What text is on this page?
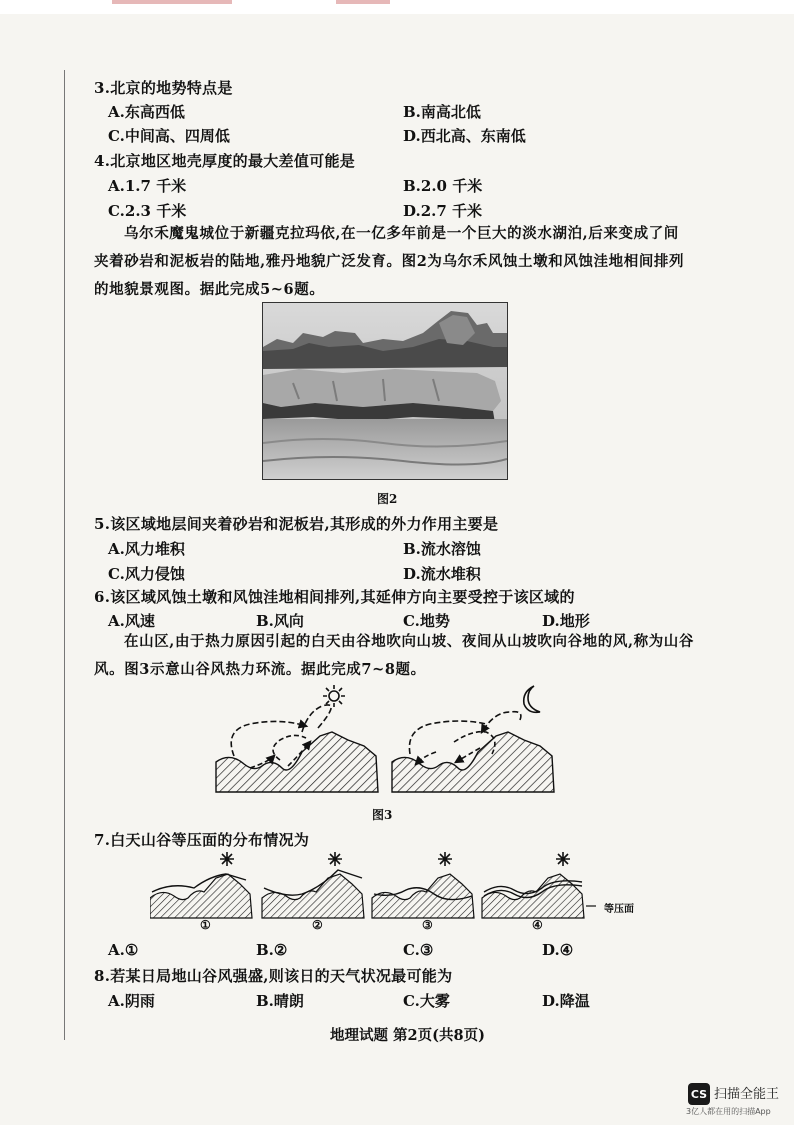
3.北京的地势特点是
A.东高西低	B.南高北低
C.中间高、四周低	D.西北高、东南低
4.北京地区地壳厚度的最大差值可能是
A.1.7 千米	B.2.0 千米
C.2.3 千米	D.2.7 千米

乌尔禾魔鬼城位于新疆克拉玛依,在一亿多年前是一个巨大的淡水湖泊,后来变成了间

夹着砂岩和泥板岩的陆地,雅丹地貌广泛发育。图2为乌尔禾风蚀土墩和风蚀洼地相间排列

的地貌景观图。据此完成5~6题。

图2
5.该区域地层间夹着砂岩和泥板岩,其形成的外力作用主要是
A.风力堆积	B.流水溶蚀
C.风力侵蚀	D.流水堆积
6.该区域风蚀土墩和风蚀洼地相间排列,其延伸方向主要受控于该区域的
A.风速	B.风向	C.地势	D.地形

在山区,由于热力原因引起的白天由谷地吹向山坡、夜间从山坡吹向谷地的风,称为山谷

风。图3示意山谷风热力环流。据此完成7~8题。

图3
7.白天山谷等压面的分布情况为
①	②	③	④
等压面
A.①	B.②	C.③	D.④
8.若某日局地山谷风强盛,则该日的天气状况最可能为
A.阴雨	B.晴朗	C.大雾	D.降温
地理试题 第2页(共8页)
CS 扫描全能王
3亿人都在用的扫描App
